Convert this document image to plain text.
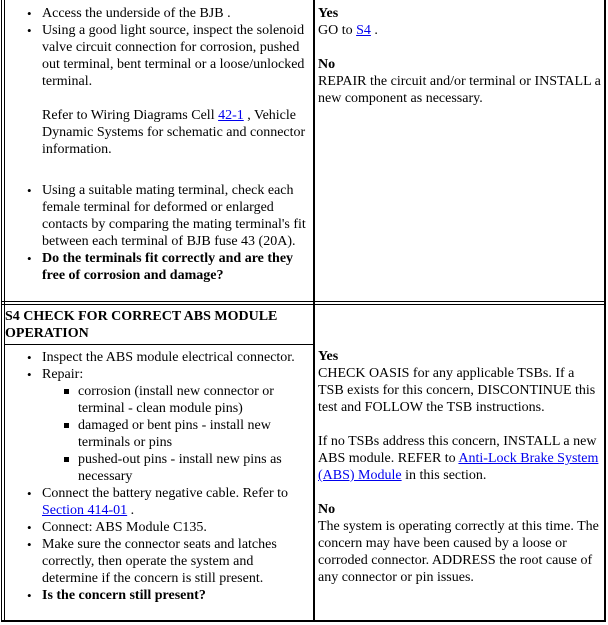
• Access the underside of the BJB .
• Using a good light source, inspect the solenoid valve circuit connection for corrosion, pushed out terminal, bent terminal or a loose/unlocked terminal.
Refer to Wiring Diagrams Cell 42-1 , Vehicle Dynamic Systems for schematic and connector information.
• Using a suitable mating terminal, check each female terminal for deformed or enlarged contacts by comparing the mating terminal's fit between each terminal of BJB fuse 43 (20A).
• Do the terminals fit correctly and are they free of corrosion and damage?
Yes
GO to S4 .
No
REPAIR the circuit and/or terminal or INSTALL a new component as necessary.
S4 CHECK FOR CORRECT ABS MODULE OPERATION
• Inspect the ABS module electrical connector.
• Repair:
corrosion (install new connector or terminal - clean module pins)
damaged or bent pins - install new terminals or pins
pushed-out pins - install new pins as necessary
• Connect the battery negative cable. Refer to Section 414-01 .
• Connect: ABS Module C135.
• Make sure the connector seats and latches correctly, then operate the system and determine if the concern is still present.
• Is the concern still present?
Yes
CHECK OASIS for any applicable TSBs. If a TSB exists for this concern, DISCONTINUE this test and FOLLOW the TSB instructions.
If no TSBs address this concern, INSTALL a new ABS module. REFER to Anti-Lock Brake System (ABS) Module in this section.
No
The system is operating correctly at this time. The concern may have been caused by a loose or corroded connector. ADDRESS the root cause of any connector or pin issues.
